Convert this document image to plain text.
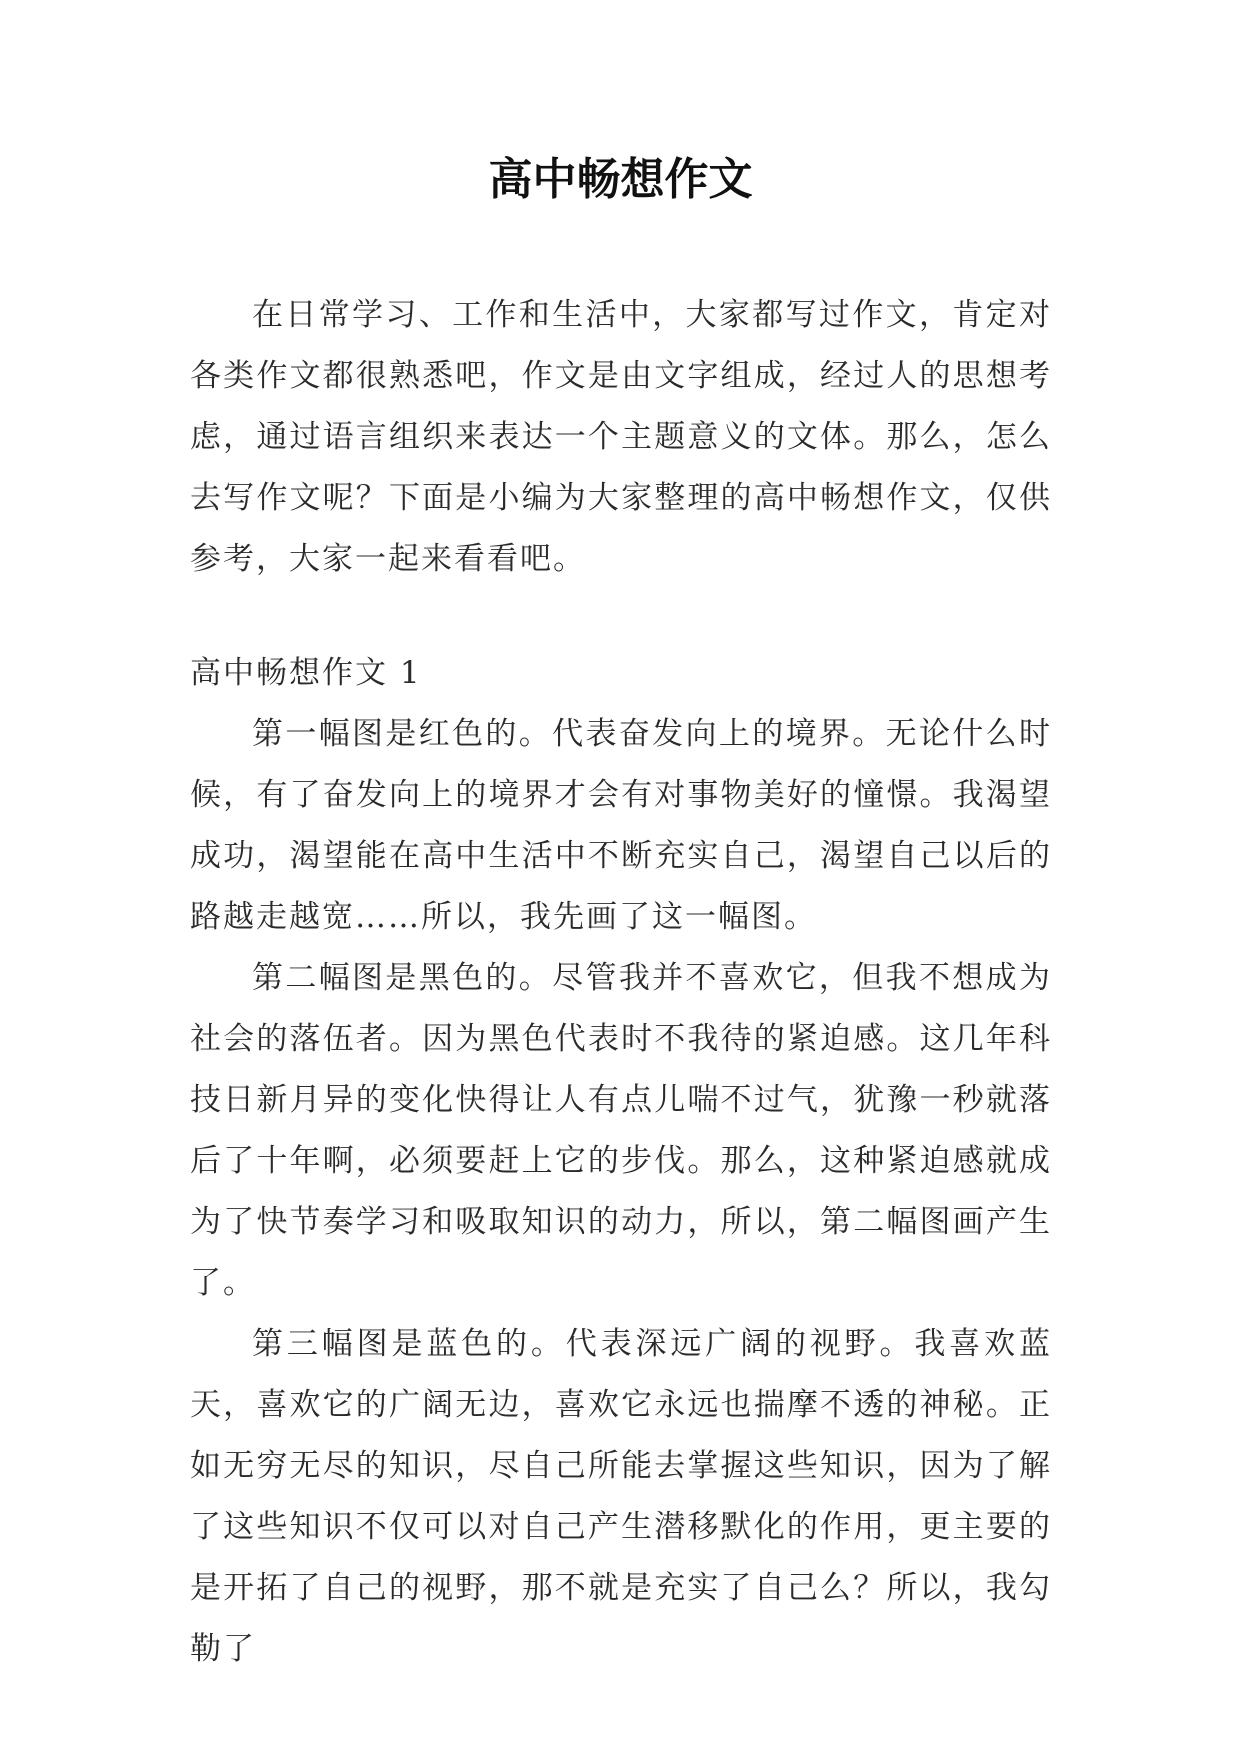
高中畅想作文

在日常学习、工作和生活中，大家都写过作文，肯定对各类作文都很熟悉吧，作文是由文字组成，经过人的思想考虑，通过语言组织来表达一个主题意义的文体。那么，怎么去写作文呢？下面是小编为大家整理的高中畅想作文，仅供参考，大家一起来看看吧。

高中畅想作文 1

第一幅图是红色的。代表奋发向上的境界。无论什么时候，有了奋发向上的境界才会有对事物美好的憧憬。我渴望成功，渴望能在高中生活中不断充实自己，渴望自己以后的路越走越宽……所以，我先画了这一幅图。

第二幅图是黑色的。尽管我并不喜欢它，但我不想成为社会的落伍者。因为黑色代表时不我待的紧迫感。这几年科技日新月异的变化快得让人有点儿喘不过气，犹豫一秒就落后了十年啊，必须要赶上它的步伐。那么，这种紧迫感就成为了快节奏学习和吸取知识的动力，所以，第二幅图画产生了。

第三幅图是蓝色的。代表深远广阔的视野。我喜欢蓝天，喜欢它的广阔无边，喜欢它永远也揣摩不透的神秘。正如无穷无尽的知识，尽自己所能去掌握这些知识，因为了解了这些知识不仅可以对自己产生潜移默化的作用，更主要的是开拓了自己的视野，那不就是充实了自己么？所以，我勾勒了
